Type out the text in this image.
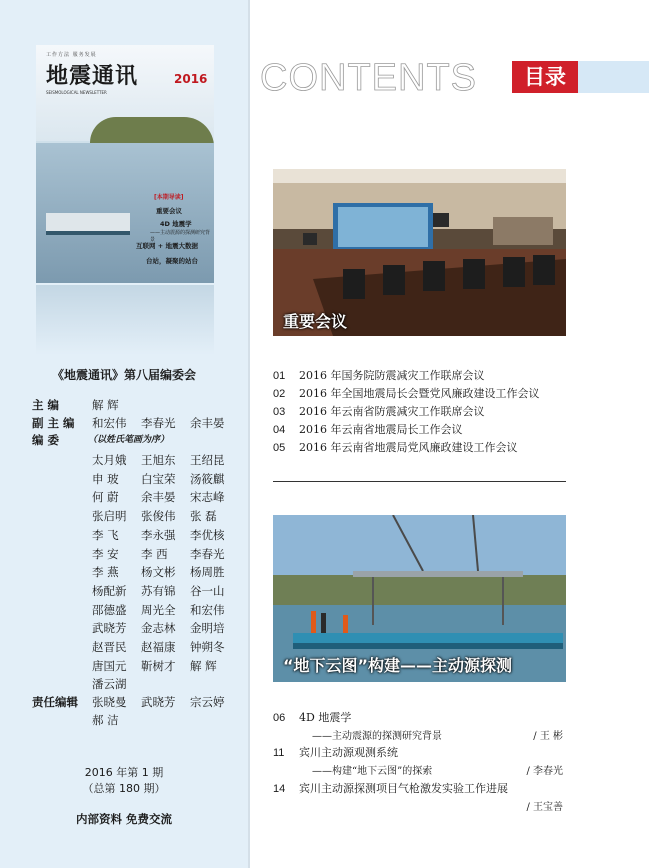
工作方法 服务发展
地震通讯	2016
SEISMOLOGICAL NEWSLETTER
[本期导读]
重要会议
4D 地震学
——主动震源的探测研究背景
互联网 + 地震大数据
台站，凝聚的站台
《地震通讯》第八届编委会
主 编	解 辉
副 主 编 和宏伟 李春光 余丰晏
编 委	（以姓氏笔画为序）
太月娥 王旭东 王绍昆
申 玻 白宝荣 汤筱麒
何 蔚 余丰晏 宋志峰
张启明 张俊伟 张 磊
李 飞 李永强 李优核
李 安 李 西 李春光
李 燕 杨文彬 杨周胜
杨配新 苏有锦 谷一山
邵德盛 周光全 和宏伟
武晓芳 金志林 金明培
赵晋民 赵福康 钟朔冬
唐国元 靳树才 解 辉
潘云湖
责任编辑 张晓曼 武晓芳 宗云婷
郝 洁
2016 年第 1 期
（总第 180 期）
内部资料 免费交流
CONTENTS	目录
重要会议
01 2016 年国务院防震减灾工作联席会议
02 2016 年全国地震局长会暨党风廉政建设工作会议
03 2016 年云南省防震减灾工作联席会议
04 2016 年云南省地震局长工作会议
05 2016 年云南省地震局党风廉政建设工作会议
“地下云图”构建——主动源探测
06 4D 地震学
——主动震源的探测研究背景	/ 王 彬
11 宾川主动源观测系统
——构建“地下云图”的探索	/ 李春光
14 宾川主动源探测项目气枪激发实验工作进展
/ 王宝善
